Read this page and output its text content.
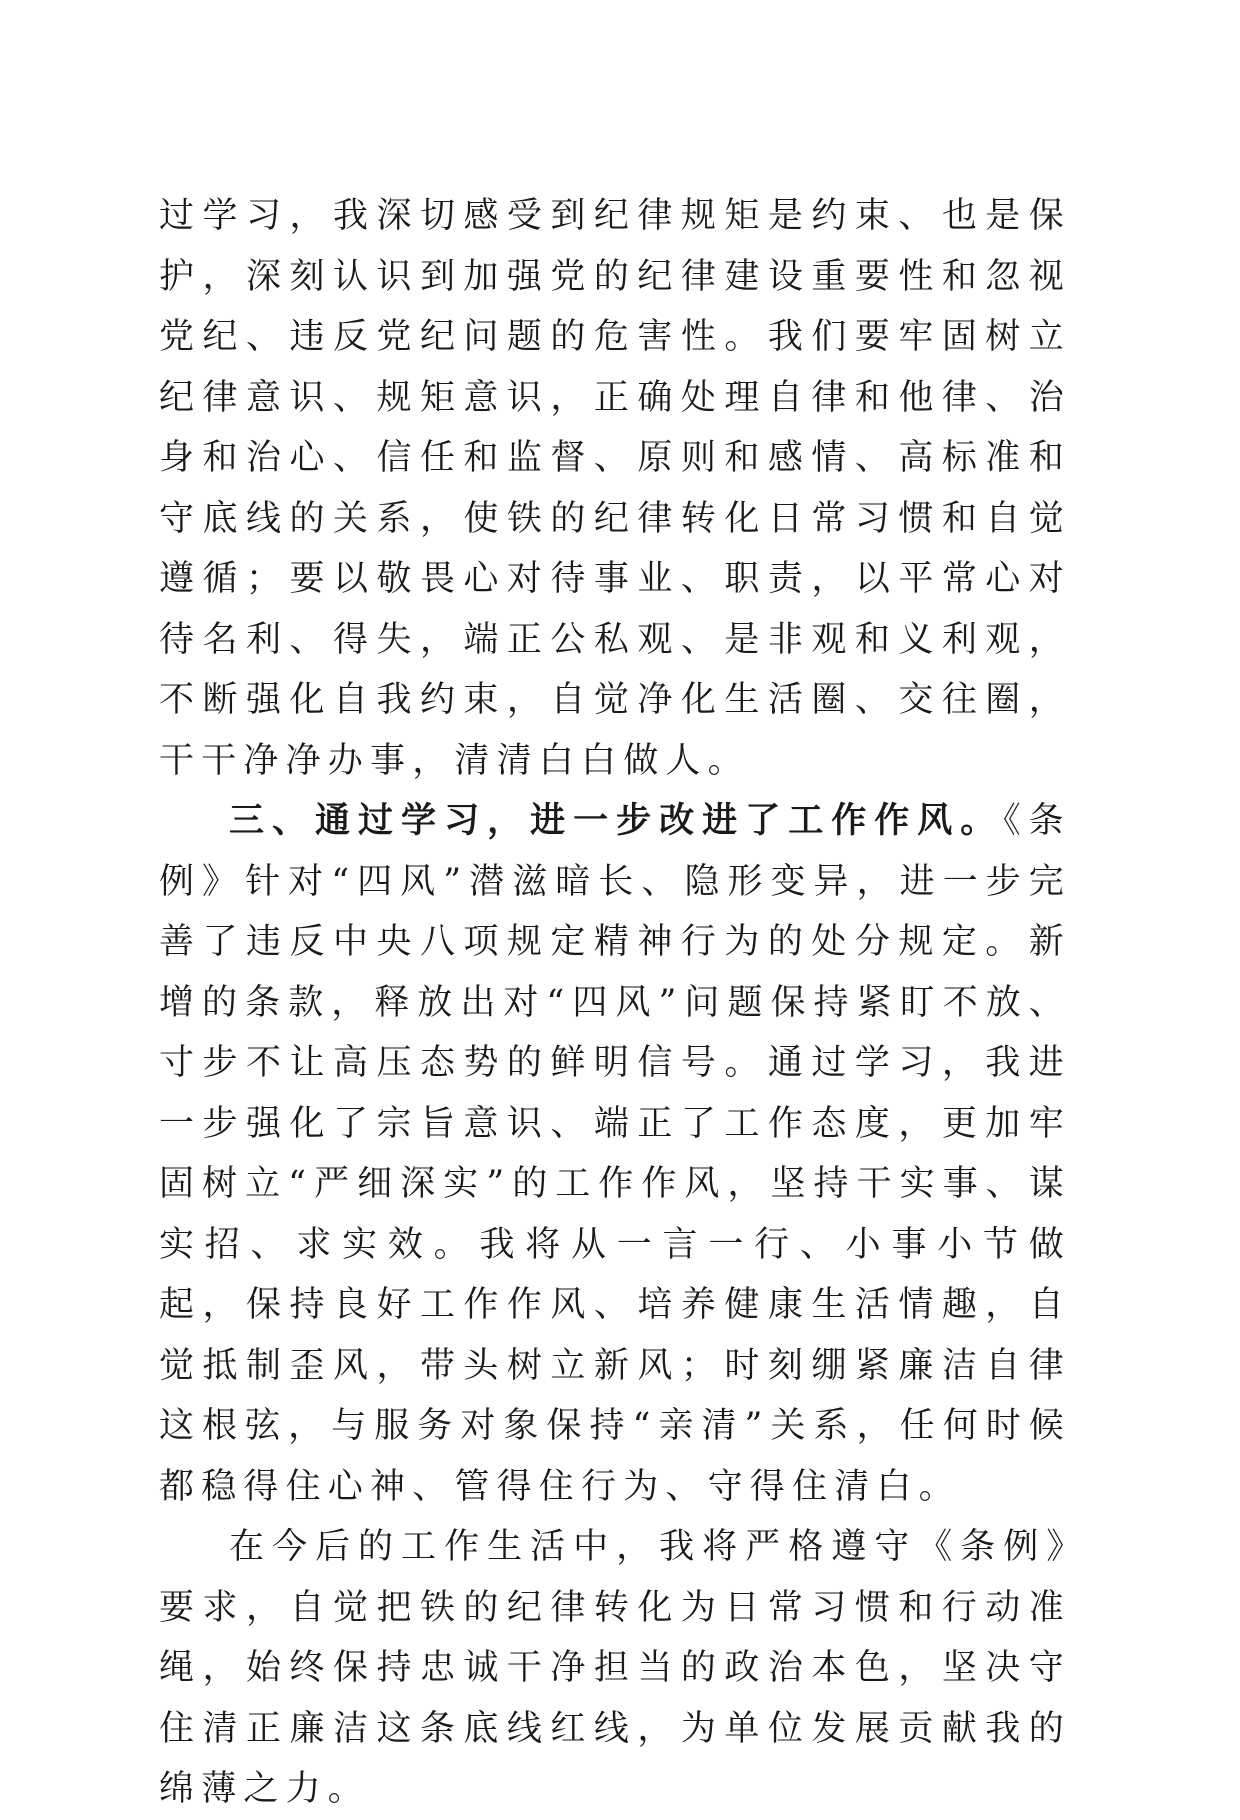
过学习，我深切感受到纪律规矩是约束、也是保护，深刻认识到加强党的纪律建设重要性和忽视党纪、违反党纪问题的危害性。我们要牢固树立纪律意识、规矩意识，正确处理自律和他律、治身和治心、信任和监督、原则和感情、高标准和守底线的关系，使铁的纪律转化日常习惯和自觉遵循；要以敬畏心对待事业、职责，以平常心对待名利、得失，端正公私观、是非观和义利观，不断强化自我约束，自觉净化生活圈、交往圈，干干净净办事，清清白白做人。

三、通过学习，进一步改进了工作作风。《条例》针对“四风”潜滋暗长、隐形变异，进一步完善了违反中央八项规定精神行为的处分规定。新增的条款，释放出对“四风”问题保持紧盯不放、寸步不让高压态势的鲜明信号。通过学习，我进一步强化了宗旨意识、端正了工作态度，更加牢固树立“严细深实”的工作作风，坚持干实事、谋实招、求实效。我将从一言一行、小事小节做起，保持良好工作作风、培养健康生活情趣，自觉抵制歪风，带头树立新风；时刻绷紧廉洁自律这根弦，与服务对象保持“亲清”关系，任何时候都稳得住心神、管得住行为、守得住清白。

在今后的工作生活中，我将严格遵守《条例》要求，自觉把铁的纪律转化为日常习惯和行动准绳，始终保持忠诚干净担当的政治本色，坚决守住清正廉洁这条底线红线，为单位发展贡献我的绵薄之力。
